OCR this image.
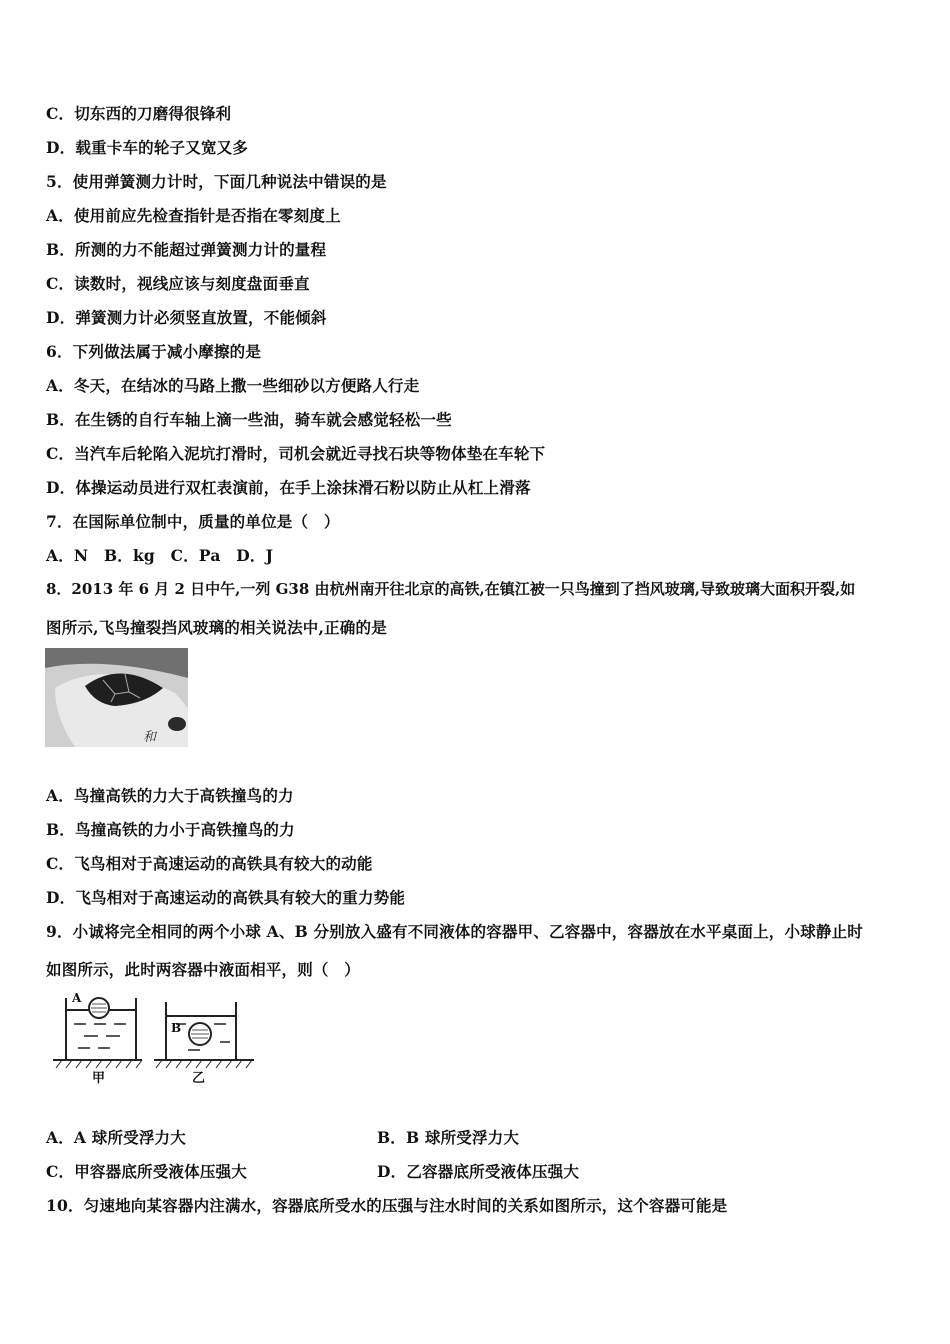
C．切东西的刀磨得很锋利
D．载重卡车的轮子又宽又多
5．使用弹簧测力计时，下面几种说法中错误的是
A．使用前应先检查指针是否指在零刻度上
B．所测的力不能超过弹簧测力计的量程
C．读数时，视线应该与刻度盘面垂直
D．弹簧测力计必须竖直放置，不能倾斜
6．下列做法属于减小摩擦的是
A．冬天，在结冰的马路上撒一些细砂以方便路人行走
B．在生锈的自行车轴上滴一些油，骑车就会感觉轻松一些
C．当汽车后轮陷入泥坑打滑时，司机会就近寻找石块等物体垫在车轮下
D．体操运动员进行双杠表演前，在手上涂抹滑石粉以防止从杠上滑落
7．在国际单位制中，质量的单位是（　）
A．N　B．kg　C．Pa　D．J
8．2013 年 6 月 2 日中午,一列 G38 由杭州南开往北京的高铁,在镇江被一只鸟撞到了挡风玻璃,导致玻璃大面积开裂,如
图所示,飞鸟撞裂挡风玻璃的相关说法中,正确的是
和
A．鸟撞高铁的力大于高铁撞鸟的力
B．鸟撞高铁的力小于高铁撞鸟的力
C．飞鸟相对于高速运动的高铁具有较大的动能
D．飞鸟相对于高速运动的高铁具有较大的重力势能
9．小诚将完全相同的两个小球 A、B 分别放入盛有不同液体的容器甲、乙容器中，容器放在水平桌面上，小球静止时
如图所示，此时两容器中液面相平，则（　）
A
甲
B
乙
A．A 球所受浮力大	B．B 球所受浮力大
C．甲容器底所受液体压强大	D．乙容器底所受液体压强大
10．匀速地向某容器内注满水，容器底所受水的压强与注水时间的关系如图所示，这个容器可能是
